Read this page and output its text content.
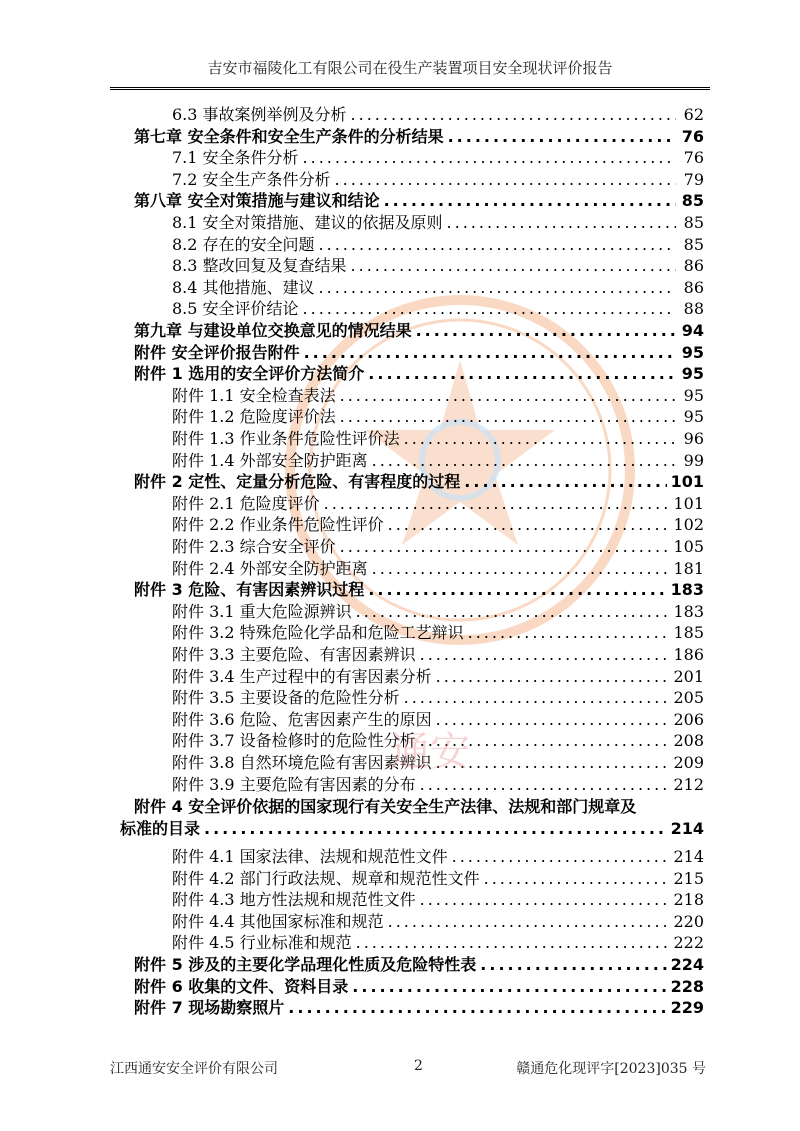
吉安市福陵化工有限公司在役生产装置项目安全现状评价报告
6.3 事故案例举例及分析 .....	62
第七章 安全条件和安全生产条件的分析结果 .....	76
7.1 安全条件分析 .....	76
7.2 安全生产条件分析 .....	79
第八章 安全对策措施与建议和结论 .....	85
8.1 安全对策措施、建议的依据及原则 .....	85
8.2 存在的安全问题 .....	85
8.3 整改回复及复查结果 .....	86
8.4 其他措施、建议 .....	86
8.5 安全评价结论 .....	88
第九章 与建设单位交换意见的情况结果 .....	94
附件 安全评价报告附件 .....	95
附件 1 选用的安全评价方法简介 .....	95
附件 1.1 安全检查表法 .....	95
附件 1.2 危险度评价法 .....	95
附件 1.3 作业条件危险性评价法 .....	96
附件 1.4 外部安全防护距离 .....	99
附件 2 定性、定量分析危险、有害程度的过程 .....	101
附件 2.1 危险度评价 .....	101
附件 2.2 作业条件危险性评价 .....	102
附件 2.3 综合安全评价 .....	105
附件 2.4 外部安全防护距离 .....	181
附件 3 危险、有害因素辨识过程 .....	183
附件 3.1 重大危险源辨识 .....	183
附件 3.2 特殊危险化学品和危险工艺辩识 .....	185
附件 3.3 主要危险、有害因素辨识 .....	186
附件 3.4 生产过程中的有害因素分析 .....	201
附件 3.5 主要设备的危险性分析 .....	205
附件 3.6 危险、危害因素产生的原因 .....	206
附件 3.7 设备检修时的危险性分析 .....	208
附件 3.8 自然环境危险有害因素辨识 .....	209
附件 3.9 主要危险有害因素的分布 .....	212
附件 4.1 国家法律、法规和规范性文件 .....	214
附件 4.2 部门行政法规、规章和规范性文件 .....	215
附件 4.3 地方性法规和规范性文件 .....	218
附件 4.4 其他国家标准和规范 .....	220
附件 4.5 行业标准和规范 .....	222
附件 5 涉及的主要化学品理化性质及危险特性表 .....	224
附件 6 收集的文件、资料目录 .....	228
附件 7 现场勘察照片 .....	229
附件 4 安全评价依据的国家现行有关安全生产法律、法规和部门规章及
标准的目录 .....	214
通安
江西通安安全评价有限公司	2	赣通危化现评字[2023]035 号
